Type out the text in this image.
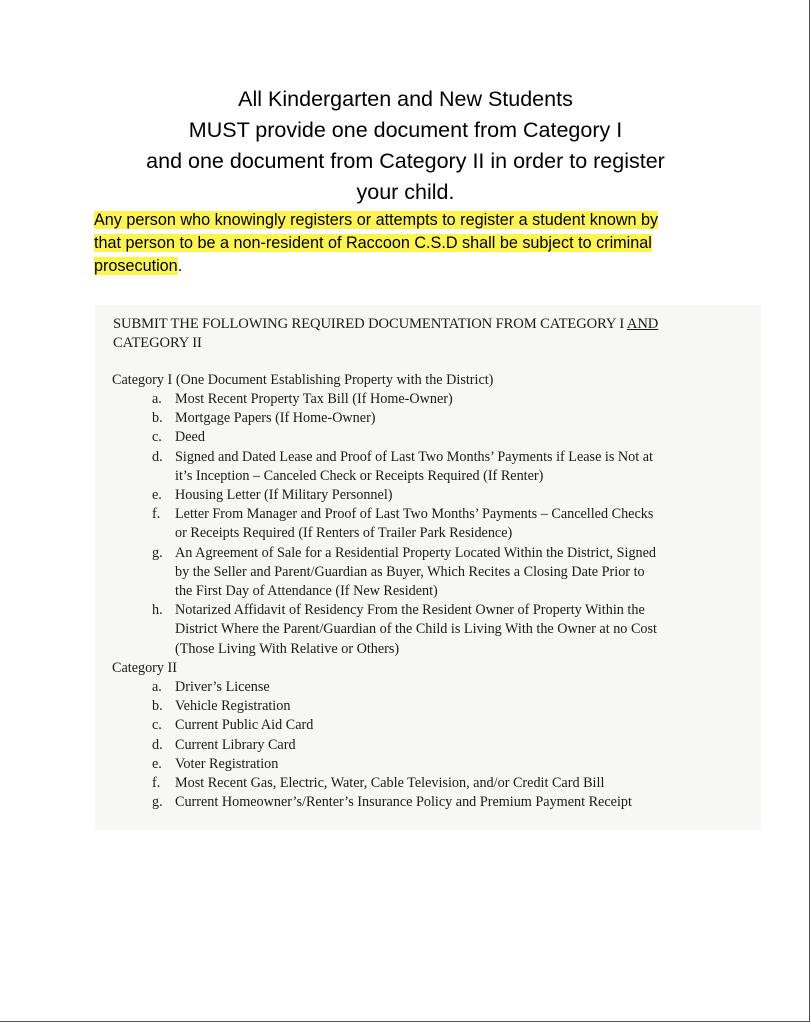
All Kindergarten and New Students
MUST provide one document from Category I
and one document from Category II in order to register
your child.
Any person who knowingly registers or attempts to register a student known by
that person to be a non-resident of Raccoon C.S.D shall be subject to criminal
prosecution.
SUBMIT THE FOLLOWING REQUIRED DOCUMENTATION FROM CATEGORY I AND
CATEGORY II
Category I (One Document Establishing Property with the District)
a. Most Recent Property Tax Bill (If Home-Owner)
b. Mortgage Papers (If Home-Owner)
c. Deed
d. Signed and Dated Lease and Proof of Last Two Months’ Payments if Lease is Not at
it’s Inception – Canceled Check or Receipts Required (If Renter)
e. Housing Letter (If Military Personnel)
f.	Letter From Manager and Proof of Last Two Months’ Payments – Cancelled Checks
or Receipts Required (If Renters of Trailer Park Residence)
g. An Agreement of Sale for a Residential Property Located Within the District, Signed
by the Seller and Parent/Guardian as Buyer, Which Recites a Closing Date Prior to
the First Day of Attendance (If New Resident)
h. Notarized Affidavit of Residency From the Resident Owner of Property Within the
District Where the Parent/Guardian of the Child is Living With the Owner at no Cost
(Those Living With Relative or Others)
Category II
a. Driver’s License
b. Vehicle Registration
c. Current Public Aid Card
d. Current Library Card
e. Voter Registration
f.	Most Recent Gas, Electric, Water, Cable Television, and/or Credit Card Bill
g. Current Homeowner’s/Renter’s Insurance Policy and Premium Payment Receipt
